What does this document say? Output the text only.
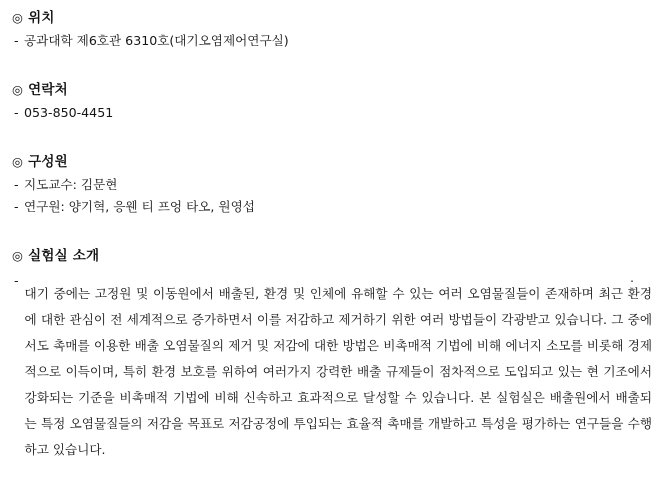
◎ 위치
- 공과대학 제6호관 6310호(대기오염제어연구실)
◎ 연락처
- 053-850-4451
◎ 구성원
- 지도교수: 김문현
- 연구원: 양기혁, 응웬 티 프엉 타오, 원영섭
◎ 실험실 소개
-

대기 중에는 고정원 및 이동원에서 배출된, 환경 및 인체에 유해할 수 있는 여러 오염물질들이 존재하며 최근 환경에 대한 관심이 전 세계적으로 증가하면서 이를 저감하고 제거하기 위한 여러 방법들이 각광받고 있습니다. 그 중에서도 촉매를 이용한 배출 오염물질의 제거 및 저감에 대한 방법은 비촉매적 기법에 비해 에너지 소모를 비롯해 경제적으로 이득이며, 특히 환경 보호를 위하여 여러가지 강력한 배출 규제들이 점차적으로 도입되고 있는 현 기조에서 강화되는 기준을 비촉매적 기법에 비해 신속하고 효과적으로 달성할 수 있습니다. 본 실험실은 배출원에서 배출되는 특정 오염물질들의 저감을 목표로 저감공정에 투입되는 효율적 촉매를 개발하고 특성을 평가하는 연구들을 수행하고 있습니다.

.
